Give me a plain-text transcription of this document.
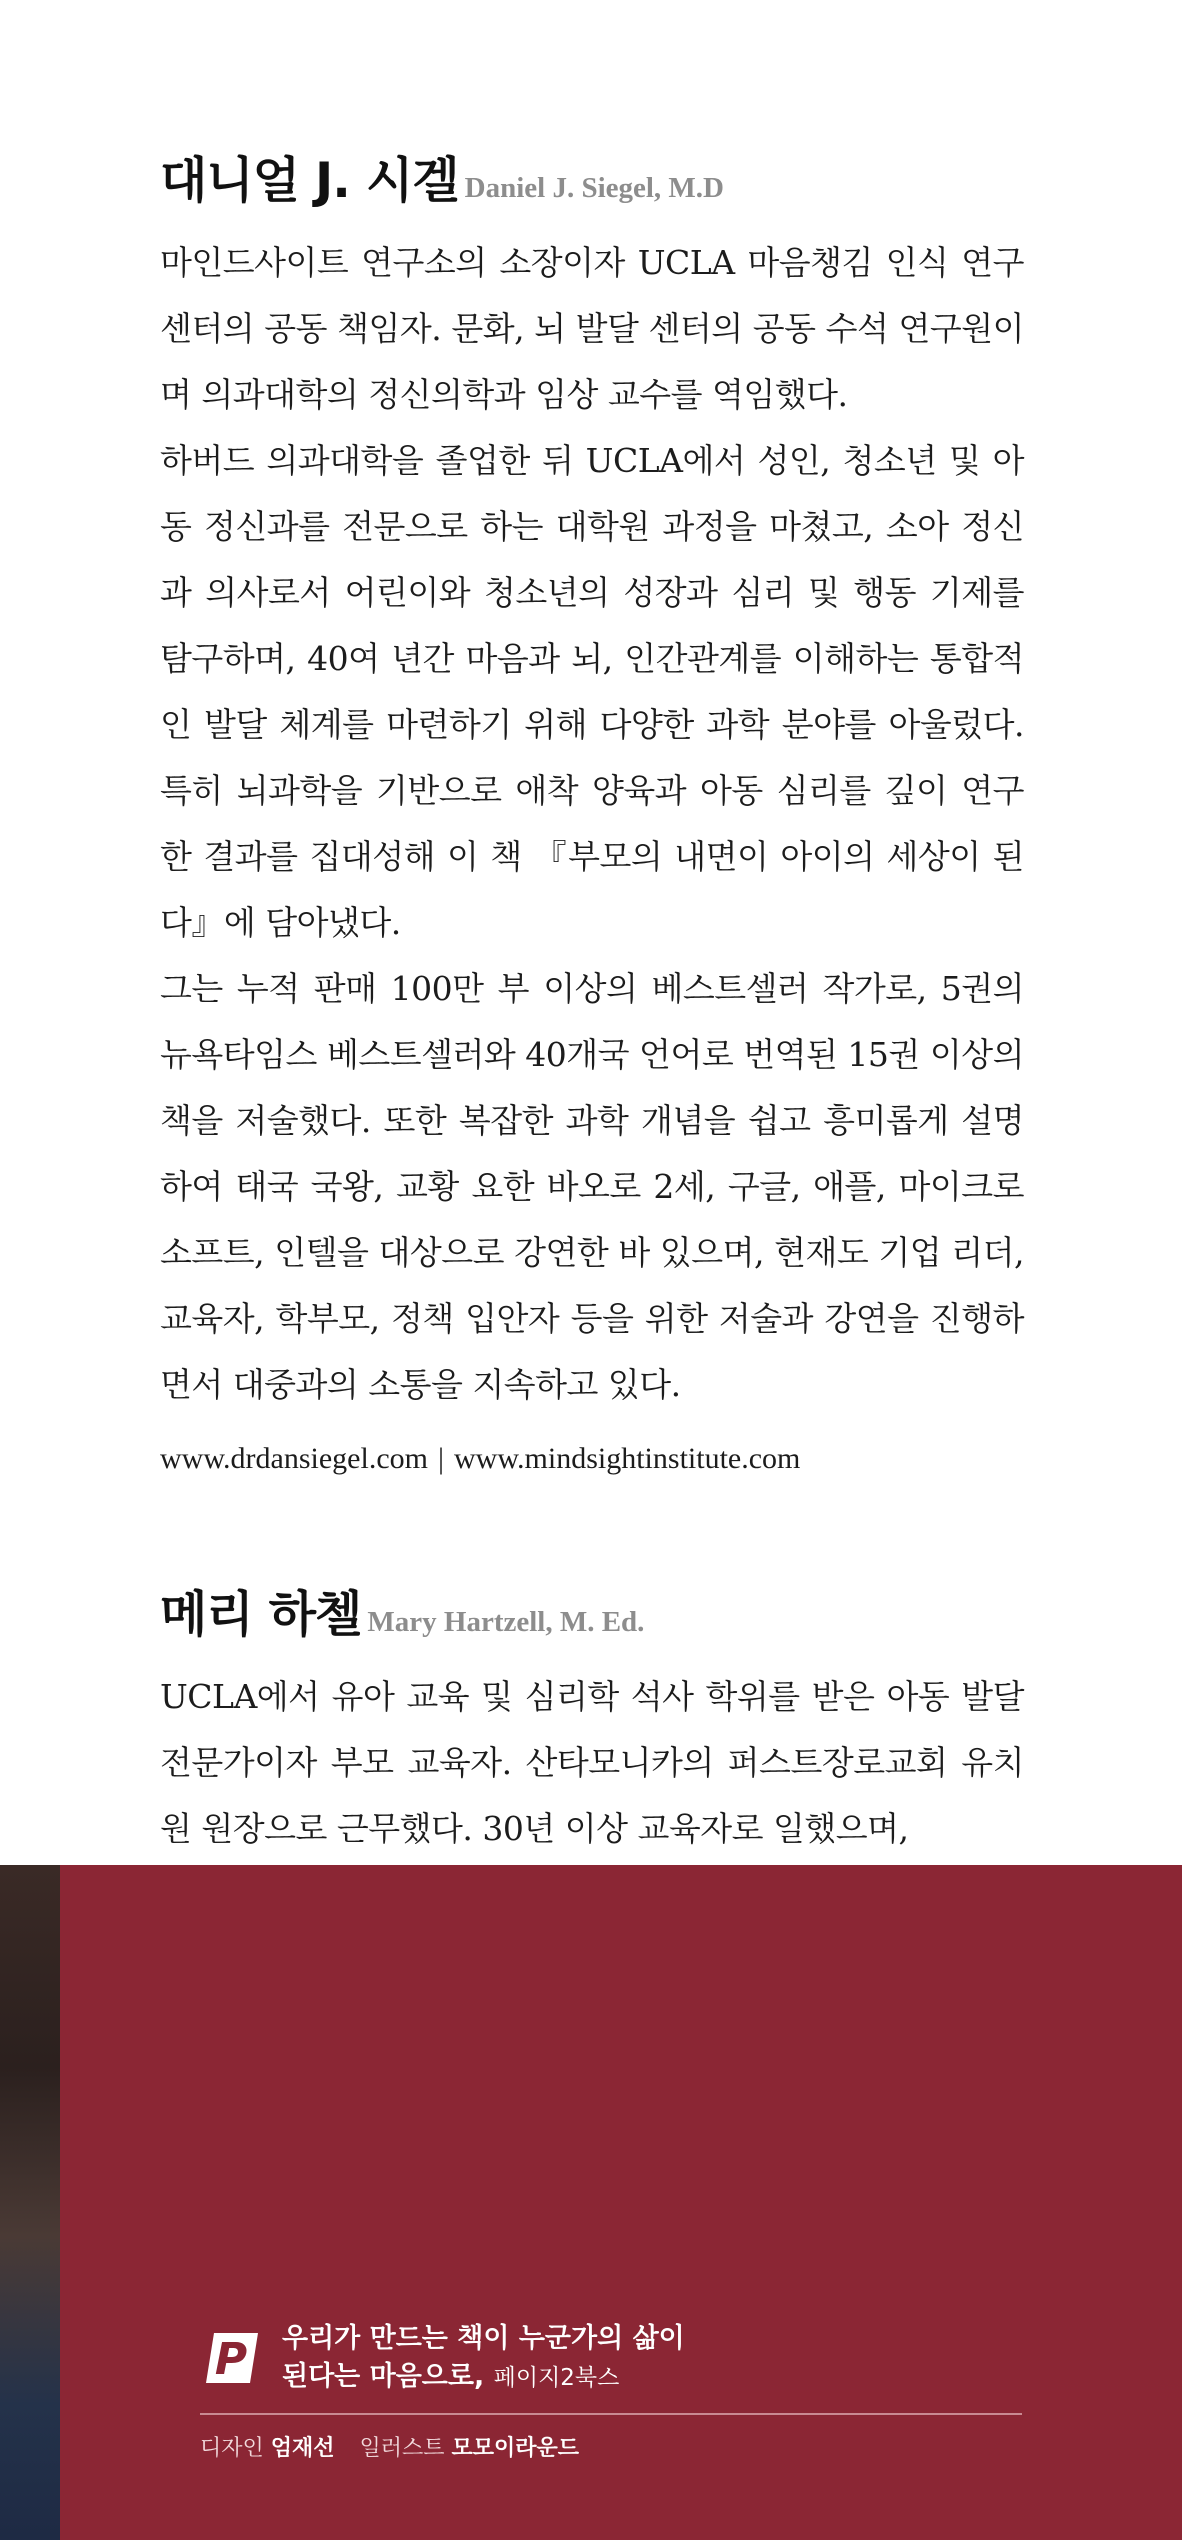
대니얼 J. 시겔 Daniel J. Siegel, M.D

마인드사이트 연구소의 소장이자 UCLA 마음챙김 인식 연구센터의 공동 책임자. 문화, 뇌 발달 센터의 공동 수석 연구원이며 의과대학의 정신의학과 임상 교수를 역임했다.

하버드 의과대학을 졸업한 뒤 UCLA에서 성인, 청소년 및 아동 정신과를 전문으로 하는 대학원 과정을 마쳤고, 소아 정신과 의사로서 어린이와 청소년의 성장과 심리 및 행동 기제를 탐구하며, 40여 년간 마음과 뇌, 인간관계를 이해하는 통합적인 발달 체계를 마련하기 위해 다양한 과학 분야를 아울렀다. 특히 뇌과학을 기반으로 애착 양육과 아동 심리를 깊이 연구한 결과를 집대성해 이 책 『부모의 내면이 아이의 세상이 된다』에 담아냈다.

그는 누적 판매 100만 부 이상의 베스트셀러 작가로, 5권의 뉴욕타임스 베스트셀러와 40개국 언어로 번역된 15권 이상의 책을 저술했다. 또한 복잡한 과학 개념을 쉽고 흥미롭게 설명하여 태국 국왕, 교황 요한 바오로 2세, 구글, 애플, 마이크로소프트, 인텔을 대상으로 강연한 바 있으며, 현재도 기업 리더, 교육자, 학부모, 정책 입안자 등을 위한 저술과 강연을 진행하면서 대중과의 소통을 지속하고 있다.

www.drdansiegel.com | www.mindsightinstitute.com

메리 하첼 Mary Hartzell, M. Ed.

UCLA에서 유아 교육 및 심리학 석사 학위를 받은 아동 발달 전문가이자 부모 교육자. 산타모니카의 퍼스트장로교회 유치원 원장으로 근무했다. 30년 이상 교육자로 일했으며,

P 우리가 만드는 책이 누군가의 삶이
된다는 마음으로, 페이지2북스
디자인 엄재선 일러스트 모모이라운드
